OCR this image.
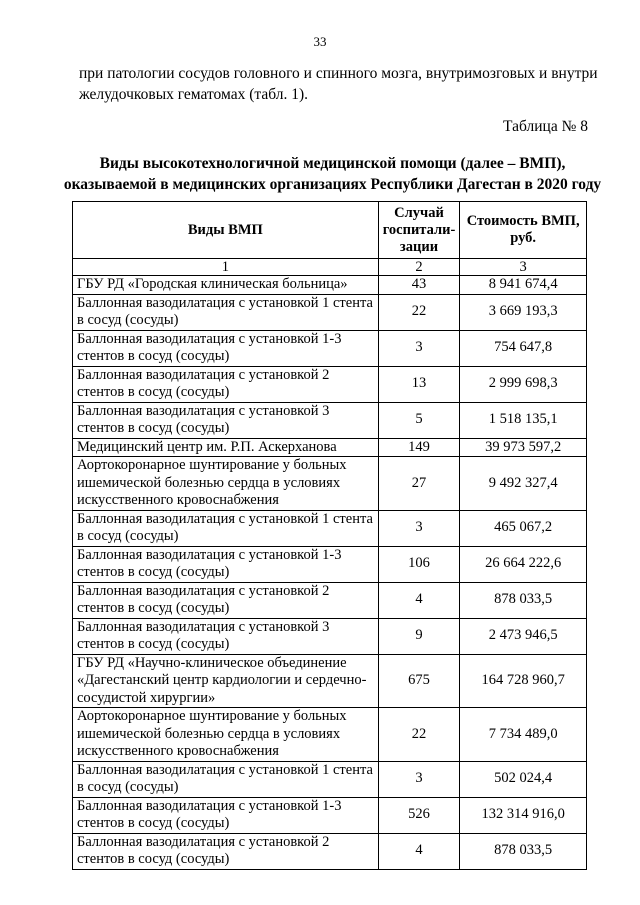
33
при патологии сосудов головного и спинного мозга, внутримозговых и внутри желудочковых гематомах (табл. 1).
Таблица № 8
Виды высокотехнологичной медицинской помощи (далее – ВМП), оказываемой в медицинских организациях Республики Дагестан в 2020 году
Виды ВМП	Случай госпитали-зации	Стоимость ВМП, руб.
1	2	3
ГБУ РД «Городская клиническая больница»	43	8 941 674,4
Баллонная вазодилатация с установкой 1 стента в сосуд (сосуды)	22	3 669 193,3
Баллонная вазодилатация с установкой 1-3 стентов в сосуд (сосуды)	3	754 647,8
Баллонная вазодилатация с установкой 2 стентов в сосуд (сосуды)	13	2 999 698,3
Баллонная вазодилатация с установкой 3 стентов в сосуд (сосуды)	5	1 518 135,1
Медицинский центр им. Р.П. Аскерханова	149	39 973 597,2
Аортокоронарное шунтирование у больных ишемической болезнью сердца в условиях искусственного кровоснабжения	27	9 492 327,4
Баллонная вазодилатация с установкой 1 стента в сосуд (сосуды)	3	465 067,2
Баллонная вазодилатация с установкой 1-3 стентов в сосуд (сосуды)	106	26 664 222,6
Баллонная вазодилатация с установкой 2 стентов в сосуд (сосуды)	4	878 033,5
Баллонная вазодилатация с установкой 3 стентов в сосуд (сосуды)	9	2 473 946,5
ГБУ РД «Научно-клиническое объединение «Дагестанский центр кардиологии и сердечно-сосудистой хирургии»	675	164 728 960,7
Аортокоронарное шунтирование у больных ишемической болезнью сердца в условиях искусственного кровоснабжения	22	7 734 489,0
Баллонная вазодилатация с установкой 1 стента в сосуд (сосуды)	3	502 024,4
Баллонная вазодилатация с установкой 1-3 стентов в сосуд (сосуды)	526	132 314 916,0
Баллонная вазодилатация с установкой 2 стентов в сосуд (сосуды)	4	878 033,5
